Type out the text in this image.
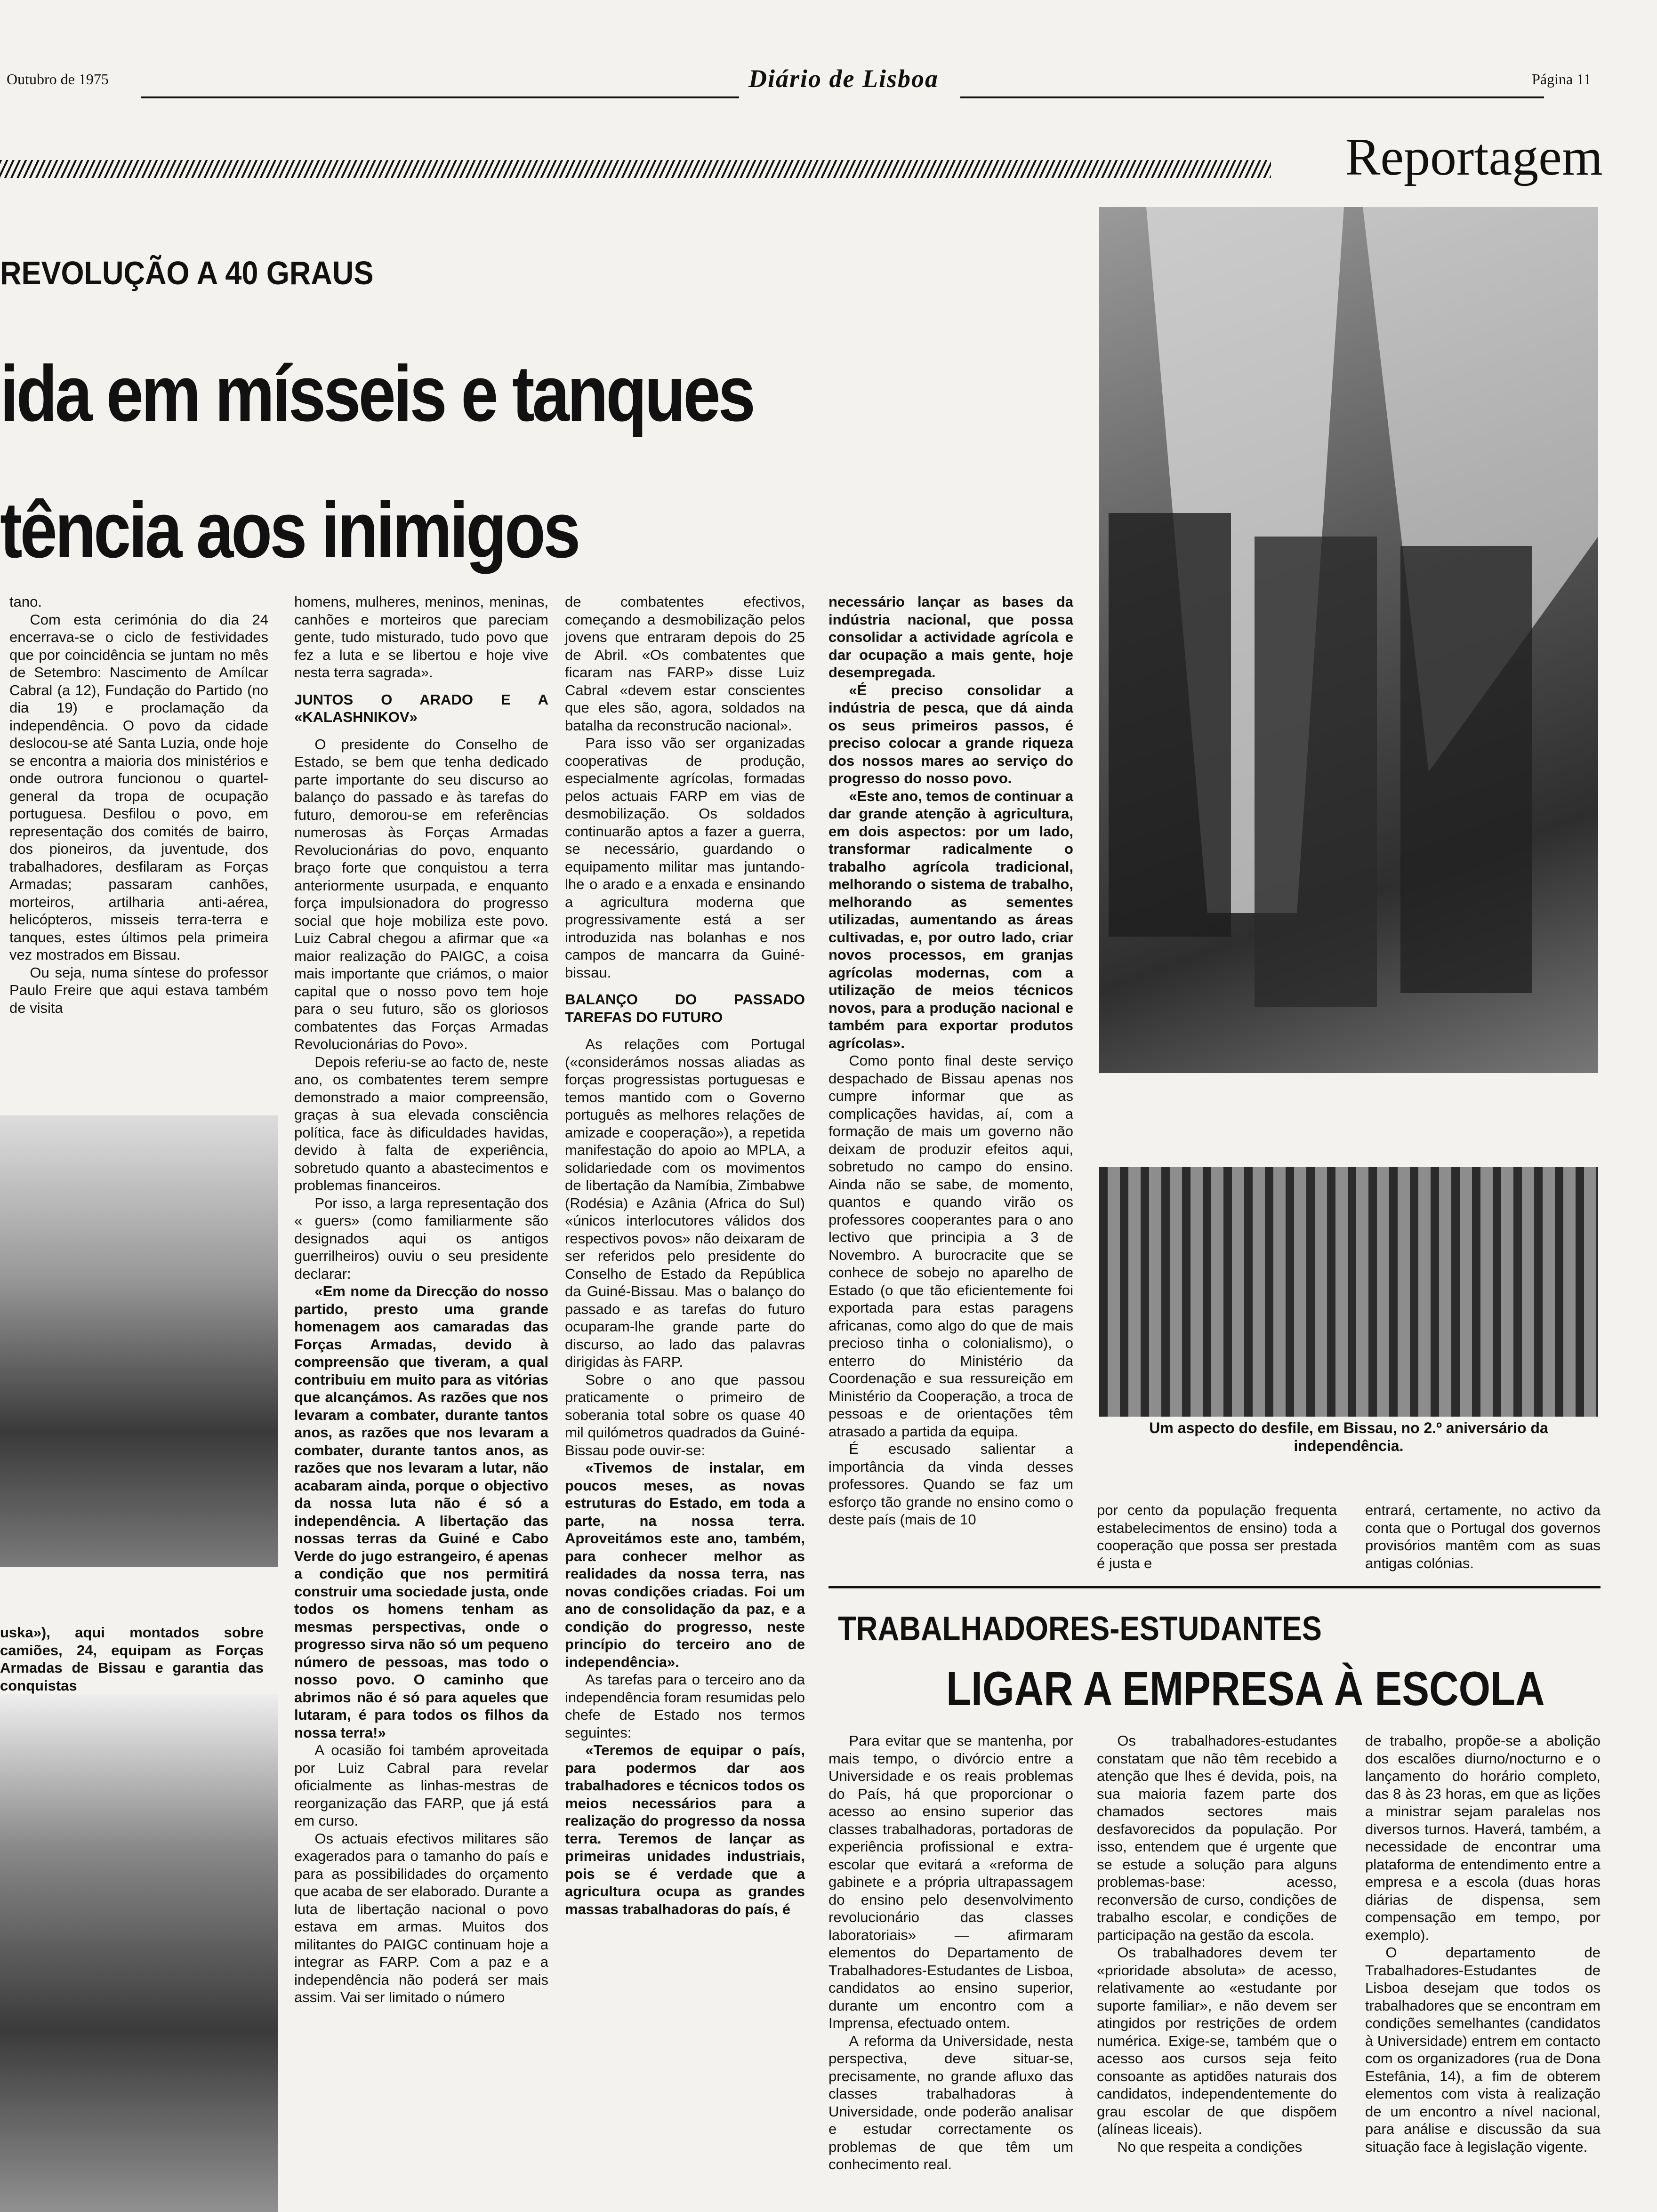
Outubro de 1975	Diário de Lisboa	Página 11
Reportagem
REVOLUÇÃO A 40 GRAUS
ida em mísseis e tanques
tência aos inimigos
Um aspecto do desfile, em Bissau, no 2.º aniversário da independência.
uska»), aqui montados sobre camiões, 24, equipam as Forças Armadas de Bissau e garantia das conquistas

tano.

Com esta cerimónia do dia 24 encerrava-se o ciclo de festividades que por coincidência se juntam no mês de Setembro: Nascimento de Amílcar Cabral (a 12), Fundação do Partido (no dia 19) e proclamação da independência. O povo da cidade deslocou-se até Santa Luzia, onde hoje se encontra a maioria dos ministérios e onde outrora funcionou o quartel-general da tropa de ocupação portuguesa. Desfilou o povo, em representação dos comités de bairro, dos pioneiros, da juventude, dos trabalhadores, desfilaram as Forças Armadas; passaram canhões, morteiros, artilharia anti-aérea, helicópteros, misseis terra-terra e tanques, estes últimos pela primeira vez mostrados em Bissau.

Ou seja, numa síntese do professor Paulo Freire que aqui estava também de visita

homens, mulheres, meninos, meninas, canhões e morteiros que pareciam gente, tudo misturado, tudo povo que fez a luta e se libertou e hoje vive nesta terra sagrada».

JUNTOS O ARADO E A «KALASHNIKOV»

O presidente do Conselho de Estado, se bem que tenha dedicado parte importante do seu discurso ao balanço do passado e às tarefas do futuro, demorou-se em referências numerosas às Forças Armadas Revolucionárias do povo, enquanto braço forte que conquistou a terra anteriormente usurpada, e enquanto força impulsionadora do progresso social que hoje mobiliza este povo. Luiz Cabral chegou a afirmar que «a maior realização do PAIGC, a coisa mais importante que criámos, o maior capital que o nosso povo tem hoje para o seu futuro, são os gloriosos combatentes das Forças Armadas Revolucionárias do Povo».

Depois referiu-se ao facto de, neste ano, os combatentes terem sempre demonstrado a maior compreensão, graças à sua elevada consciência política, face às dificuldades havidas, devido à falta de experiência, sobretudo quanto a abastecimentos e problemas financeiros.

Por isso, a larga representação dos « guers» (como familiarmente são designados aqui os antigos guerrilheiros) ouviu o seu presidente declarar:

«Em nome da Direcção do nosso partido, presto uma grande homenagem aos camaradas das Forças Armadas, devido à compreensão que tiveram, a qual contribuiu em muito para as vitórias que alcançámos. As razões que nos levaram a combater, durante tantos anos, as razões que nos levaram a combater, durante tantos anos, as razões que nos levaram a lutar, não acabaram ainda, porque o objectivo da nossa luta não é só a independência. A libertação das nossas terras da Guiné e Cabo Verde do jugo estrangeiro, é apenas a condição que nos permitirá construir uma sociedade justa, onde todos os homens tenham as mesmas perspectivas, onde o progresso sirva não só um pequeno número de pessoas, mas todo o nosso povo. O caminho que abrimos não é só para aqueles que lutaram, é para todos os filhos da nossa terra!»

A ocasião foi também aproveitada por Luiz Cabral para revelar oficialmente as linhas-mestras de reorganização das FARP, que já está em curso.

Os actuais efectivos militares são exagerados para o tamanho do país e para as possibilidades do orçamento que acaba de ser elaborado. Durante a luta de libertação nacional o povo estava em armas. Muitos dos militantes do PAIGC continuam hoje a integrar as FARP. Com a paz e a independência não poderá ser mais assim. Vai ser limitado o número

de combatentes efectivos, começando a desmobilização pelos jovens que entraram depois do 25 de Abril. «Os combatentes que ficaram nas FARP» disse Luiz Cabral «devem estar conscientes que eles são, agora, soldados na batalha da reconstrucão nacional».

Para isso vão ser organizadas cooperativas de produção, especialmente agrícolas, formadas pelos actuais FARP em vias de desmobilização. Os soldados continuarão aptos a fazer a guerra, se necessário, guardando o equipamento militar mas juntando-lhe o arado e a enxada e ensinando a agricultura moderna que progressivamente está a ser introduzida nas bolanhas e nos campos de mancarra da Guiné-bissau.

BALANÇO DO PASSADO TAREFAS DO FUTURO

As relações com Portugal («considerámos nossas aliadas as forças progressistas portuguesas e temos mantido com o Governo português as melhores relações de amizade e cooperação»), a repetida manifestação do apoio ao MPLA, a solidariedade com os movimentos de libertação da Namíbia, Zimbabwe (Rodésia) e Azânia (Africa do Sul) «únicos interlocutores válidos dos respectivos povos» não deixaram de ser referidos pelo presidente do Conselho de Estado da República da Guiné-Bissau. Mas o balanço do passado e as tarefas do futuro ocuparam-lhe grande parte do discurso, ao lado das palavras dirigidas às FARP.

Sobre o ano que passou praticamente o primeiro de soberania total sobre os quase 40 mil quilómetros quadrados da Guiné-Bissau pode ouvir-se:

«Tivemos de instalar, em poucos meses, as novas estruturas do Estado, em toda a parte, na nossa terra. Aproveitámos este ano, também, para conhecer melhor as realidades da nossa terra, nas novas condições criadas. Foi um ano de consolidação da paz, e a condição do progresso, neste princípio do terceiro ano de independência».

As tarefas para o terceiro ano da independência foram resumidas pelo chefe de Estado nos termos seguintes:

«Teremos de equipar o país, para podermos dar aos trabalhadores e técnicos todos os meios necessários para a realização do progresso da nossa terra. Teremos de lançar as primeiras unidades industriais, pois se é verdade que a agricultura ocupa as grandes massas trabalhadoras do país, é

necessário lançar as bases da indústria nacional, que possa consolidar a actividade agrícola e dar ocupação a mais gente, hoje desempregada.

«É preciso consolidar a indústria de pesca, que dá ainda os seus primeiros passos, é preciso colocar a grande riqueza dos nossos mares ao serviço do progresso do nosso povo.

«Este ano, temos de continuar a dar grande atenção à agricultura, em dois aspectos: por um lado, transformar radicalmente o trabalho agrícola tradicional, melhorando o sistema de trabalho, melhorando as sementes utilizadas, aumentando as áreas cultivadas, e, por outro lado, criar novos processos, em granjas agrícolas modernas, com a utilização de meios técnicos novos, para a produção nacional e também para exportar produtos agrícolas».

Como ponto final deste serviço despachado de Bissau apenas nos cumpre informar que as complicações havidas, aí, com a formação de mais um governo não deixam de produzir efeitos aqui, sobretudo no campo do ensino. Ainda não se sabe, de momento, quantos e quando virão os professores cooperantes para o ano lectivo que principia a 3 de Novembro. A burocracite que se conhece de sobejo no aparelho de Estado (o que tão eficientemente foi exportada para estas paragens africanas, como algo do que de mais precioso tinha o colonialismo), o enterro do Ministério da Coordenação e sua ressureição em Ministério da Cooperação, a troca de pessoas e de orientações têm atrasado a partida da equipa.

É escusado salientar a importância da vinda desses professores. Quando se faz um esforço tão grande no ensino como o deste país (mais de 10

por cento da população frequenta estabelecimentos de ensino) toda a cooperação que possa ser prestada é justa e
entrará, certamente, no activo da conta que o Portugal dos governos provisórios mantêm com as suas antigas colónias.
TRABALHADORES-ESTUDANTES
LIGAR A EMPRESA À ESCOLA

Para evitar que se mantenha, por mais tempo, o divórcio entre a Universidade e os reais problemas do País, há que proporcionar o acesso ao ensino superior das classes trabalhadoras, portadoras de experiência profissional e extra-escolar que evitará a «reforma de gabinete e a própria ultrapassagem do ensino pelo desenvolvimento revolucionário das classes laboratoriais» — afirmaram elementos do Departamento de Trabalhadores-Estudantes de Lisboa, candidatos ao ensino superior, durante um encontro com a Imprensa, efectuado ontem.

A reforma da Universidade, nesta perspectiva, deve situar-se, precisamente, no grande afluxo das classes trabalhadoras à Universidade, onde poderão analisar e estudar correctamente os problemas de que têm um conhecimento real.

Os trabalhadores-estudantes constatam que não têm recebido a atenção que lhes é devida, pois, na sua maioria fazem parte dos chamados sectores mais desfavorecidos da população. Por isso, entendem que é urgente que se estude a solução para alguns problemas-base: acesso, reconversão de curso, condições de trabalho escolar, e condições de participação na gestão da escola.

Os trabalhadores devem ter «prioridade absoluta» de acesso, relativamente ao «estudante por suporte familiar», e não devem ser atingidos por restrições de ordem numérica. Exige-se, também que o acesso aos cursos seja feito consoante as aptidões naturais dos candidatos, independentemente do grau escolar de que dispõem (alíneas liceais).

No que respeita a condições

de trabalho, propõe-se a abolição dos escalões diurno/nocturno e o lançamento do horário completo, das 8 às 23 horas, em que as lições a ministrar sejam paralelas nos diversos turnos. Haverá, também, a necessidade de encontrar uma plataforma de entendimento entre a empresa e a escola (duas horas diárias de dispensa, sem compensação em tempo, por exemplo).

O departamento de Trabalhadores-Estudantes de Lisboa desejam que todos os trabalhadores que se encontram em condições semelhantes (candidatos à Universidade) entrem em contacto com os organizadores (rua de Dona Estefânia, 14), a fim de obterem elementos com vista à realização de um encontro a nível nacional, para análise e discussão da sua situação face à legislação vigente.
